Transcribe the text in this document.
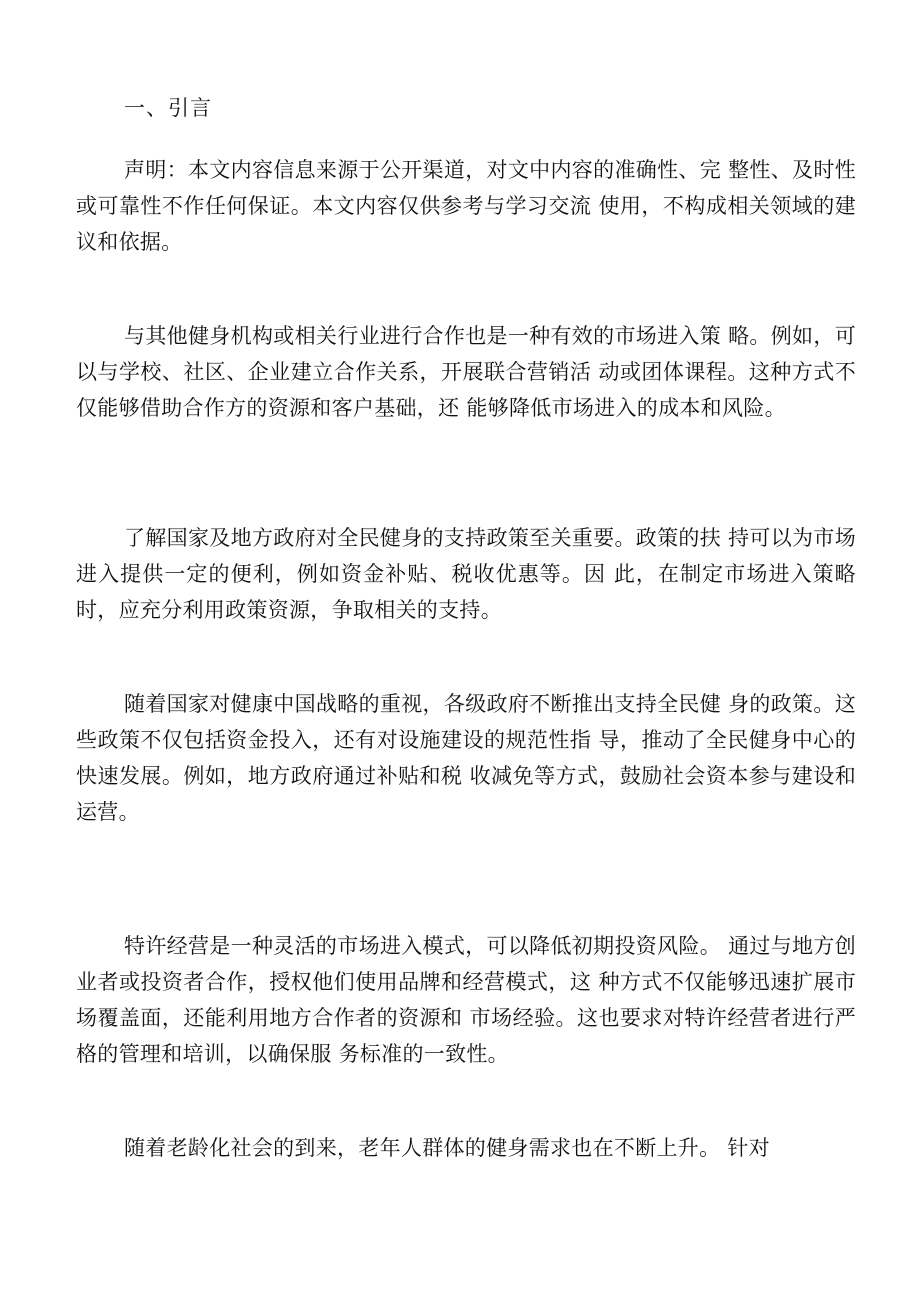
一、引言

声明：本文内容信息来源于公开渠道，对文中内容的准确性、完 整性、及时性或可靠性不作任何保证。本文内容仅供参考与学习交流 使用，不构成相关领域的建议和依据。

与其他健身机构或相关行业进行合作也是一种有效的市场进入策 略。例如，可以与学校、社区、企业建立合作关系，开展联合营销活 动或团体课程。这种方式不仅能够借助合作方的资源和客户基础，还 能够降低市场进入的成本和风险。

了解国家及地方政府对全民健身的支持政策至关重要。政策的扶 持可以为市场进入提供一定的便利，例如资金补贴、税收优惠等。因 此，在制定市场进入策略时，应充分利用政策资源，争取相关的支持。

随着国家对健康中国战略的重视，各级政府不断推出支持全民健 身的政策。这些政策不仅包括资金投入，还有对设施建设的规范性指 导，推动了全民健身中心的快速发展。例如，地方政府通过补贴和税 收减免等方式，鼓励社会资本参与建设和运营。

特许经营是一种灵活的市场进入模式，可以降低初期投资风险。 通过与地方创业者或投资者合作，授权他们使用品牌和经营模式，这 种方式不仅能够迅速扩展市场覆盖面，还能利用地方合作者的资源和 市场经验。这也要求对特许经营者进行严格的管理和培训，以确保服 务标准的一致性。

随着老龄化社会的到来，老年人群体的健身需求也在不断上升。 针对
